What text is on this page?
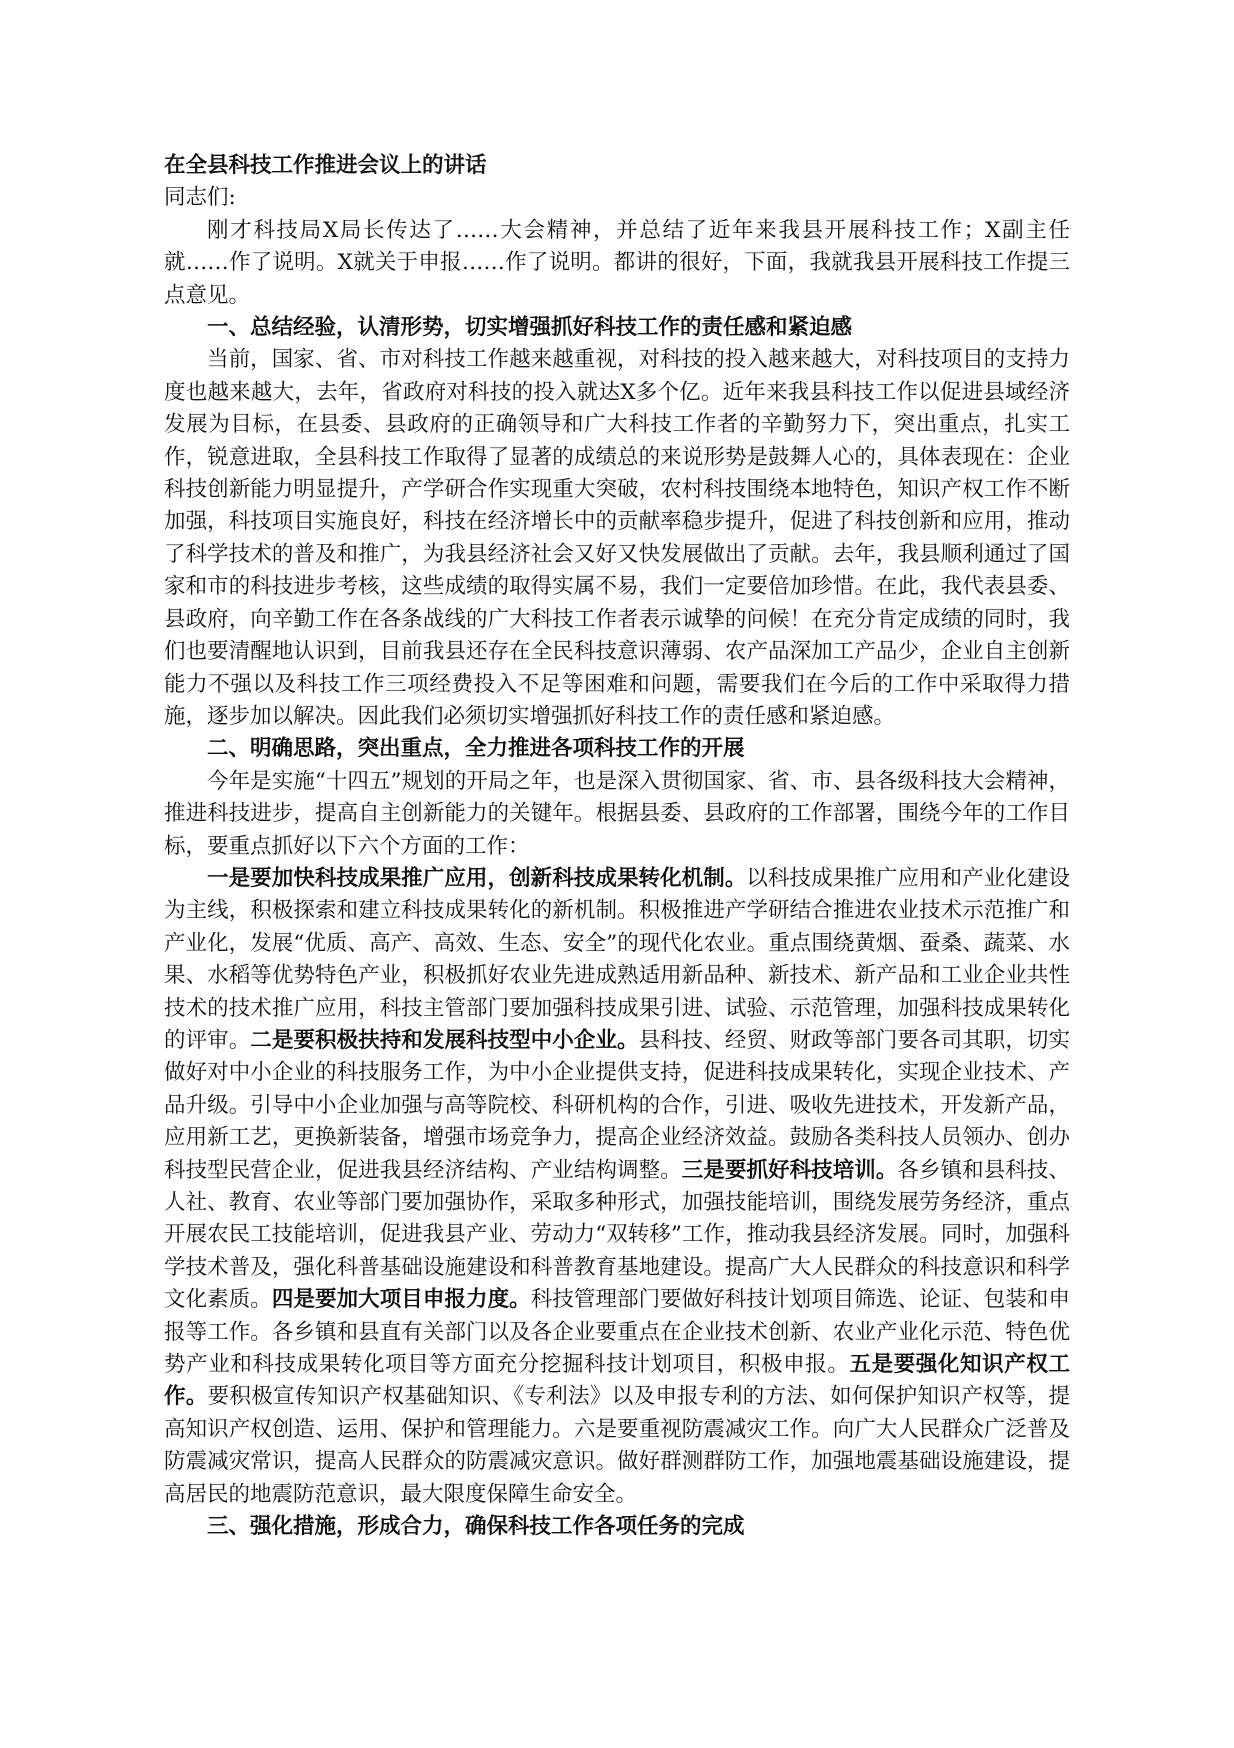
在全县科技工作推进会议上的讲话

同志们:

刚才科技局X局长传达了……大会精神，并总结了近年来我县开展科技工作；X副主任就……作了说明。X就关于申报……作了说明。都讲的很好，下面，我就我县开展科技工作提三点意见。

一、总结经验，认清形势，切实增强抓好科技工作的责任感和紧迫感

当前，国家、省、市对科技工作越来越重视，对科技的投入越来越大，对科技项目的支持力度也越来越大，去年，省政府对科技的投入就达X多个亿。近年来我县科技工作以促进县域经济发展为目标，在县委、县政府的正确领导和广大科技工作者的辛勤努力下，突出重点，扎实工作，锐意进取，全县科技工作取得了显著的成绩总的来说形势是鼓舞人心的，具体表现在：企业科技创新能力明显提升，产学研合作实现重大突破，农村科技围绕本地特色，知识产权工作不断加强，科技项目实施良好，科技在经济增长中的贡献率稳步提升，促进了科技创新和应用，推动了科学技术的普及和推广，为我县经济社会又好又快发展做出了贡献。去年，我县顺利通过了国家和市的科技进步考核，这些成绩的取得实属不易，我们一定要倍加珍惜。在此，我代表县委、县政府，向辛勤工作在各条战线的广大科技工作者表示诚挚的问候！在充分肯定成绩的同时，我们也要清醒地认识到，目前我县还存在全民科技意识薄弱、农产品深加工产品少，企业自主创新能力不强以及科技工作三项经费投入不足等困难和问题，需要我们在今后的工作中采取得力措施，逐步加以解决。因此我们必须切实增强抓好科技工作的责任感和紧迫感。

二、明确思路，突出重点，全力推进各项科技工作的开展

今年是实施“十四五”规划的开局之年，也是深入贯彻国家、省、市、县各级科技大会精神，推进科技进步，提高自主创新能力的关键年。根据县委、县政府的工作部署，围绕今年的工作目标，要重点抓好以下六个方面的工作：

一是要加快科技成果推广应用，创新科技成果转化机制。以科技成果推广应用和产业化建设为主线，积极探索和建立科技成果转化的新机制。积极推进产学研结合推进农业技术示范推广和产业化，发展“优质、高产、高效、生态、安全”的现代化农业。重点围绕黄烟、蚕桑、蔬菜、水果、水稻等优势特色产业，积极抓好农业先进成熟适用新品种、新技术、新产品和工业企业共性技术的技术推广应用，科技主管部门要加强科技成果引进、试验、示范管理，加强科技成果转化的评审。二是要积极扶持和发展科技型中小企业。县科技、经贸、财政等部门要各司其职，切实做好对中小企业的科技服务工作，为中小企业提供支持，促进科技成果转化，实现企业技术、产品升级。引导中小企业加强与高等院校、科研机构的合作，引进、吸收先进技术，开发新产品，应用新工艺，更换新装备，增强市场竞争力，提高企业经济效益。鼓励各类科技人员领办、创办科技型民营企业，促进我县经济结构、产业结构调整。三是要抓好科技培训。各乡镇和县科技、人社、教育、农业等部门要加强协作，采取多种形式，加强技能培训，围绕发展劳务经济，重点开展农民工技能培训，促进我县产业、劳动力“双转移”工作，推动我县经济发展。同时，加强科学技术普及，强化科普基础设施建设和科普教育基地建设。提高广大人民群众的科技意识和科学文化素质。四是要加大项目申报力度。科技管理部门要做好科技计划项目筛选、论证、包装和申报等工作。各乡镇和县直有关部门以及各企业要重点在企业技术创新、农业产业化示范、特色优势产业和科技成果转化项目等方面充分挖掘科技计划项目，积极申报。五是要强化知识产权工作。要积极宣传知识产权基础知识、《专利法》以及申报专利的方法、如何保护知识产权等，提高知识产权创造、运用、保护和管理能力。六是要重视防震减灾工作。向广大人民群众广泛普及防震减灾常识，提高人民群众的防震减灾意识。做好群测群防工作，加强地震基础设施建设，提高居民的地震防范意识，最大限度保障生命安全。

三、强化措施，形成合力，确保科技工作各项任务的完成
